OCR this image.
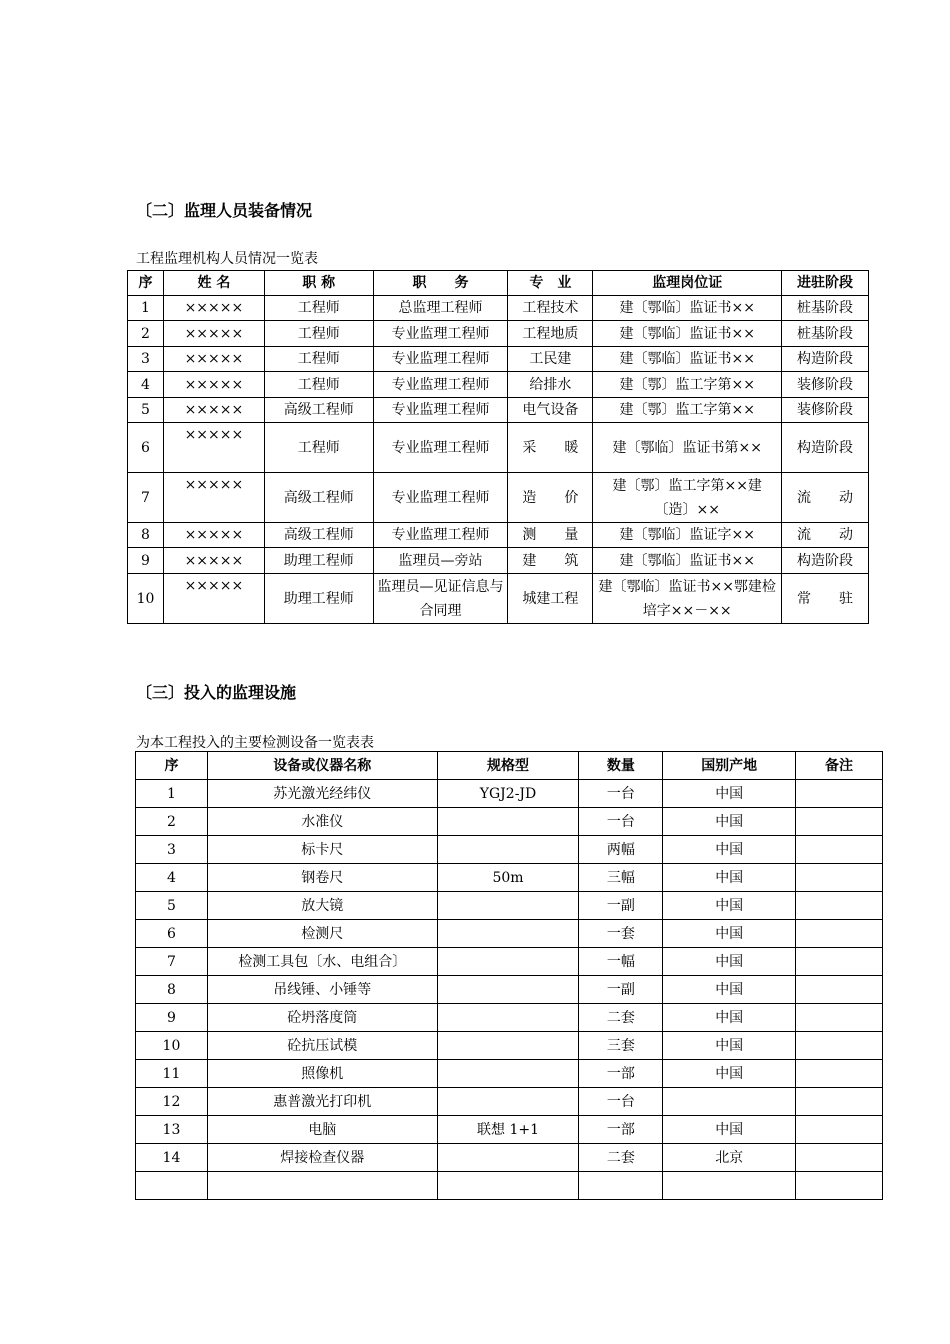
〔二〕监理人员装备情况
工程监理机构人员情况一览表
序	姓 名	职 称	职　　务	专　业	监理岗位证	进驻阶段
1	×××××	工程师	总监理工程师	工程技术	建〔鄂临〕监证书××	桩基阶段
2	×××××	工程师	专业监理工程师	工程地质	建〔鄂临〕监证书××	桩基阶段
3	×××××	工程师	专业监理工程师	工民建	建〔鄂临〕监证书××	构造阶段
4	×××××	工程师	专业监理工程师	给排水	建〔鄂〕监工字第××	装修阶段
5	×××××	高级工程师	专业监理工程师	电气设备	建〔鄂〕监工字第××	装修阶段
6	×××××	工程师	专业监理工程师	采　　暖	建〔鄂临〕监证书第××	构造阶段
7	×××××	高级工程师	专业监理工程师	造　　价	建〔鄂〕监工字第××建〔造〕××	流　　动
8	×××××	高级工程师	专业监理工程师	测　　量	建〔鄂临〕监证字××	流　　动
9	×××××	助理工程师	监理员—旁站	建　　筑	建〔鄂临〕监证书××	构造阶段
10	×××××	助理工程师	监理员—见证信息与合同理	城建工程	建〔鄂临〕监证书××鄂建检培字××－××	常　　驻
〔三〕投入的监理设施
为本工程投入的主要检测设备一览表表
序	设备或仪器名称	规格型	数量	国别产地	备注
1	苏光激光经纬仪	YGJ2-JD	一台	中国	
2	水准仪		一台	中国	
3	标卡尺		两幅	中国	
4	钢卷尺	50m	三幅	中国	
5	放大镜		一副	中国	
6	检测尺		一套	中国	
7	检测工具包〔水、电组合〕		一幅	中国	
8	吊线锤、小锤等		一副	中国	
9	砼坍落度筒		二套	中国	
10	砼抗压试模		三套	中国	
11	照像机		一部	中国	
12	惠普激光打印机		一台		
13	电脑	联想 1+1	一部	中国	
14	焊接检查仪器		二套	北京	
